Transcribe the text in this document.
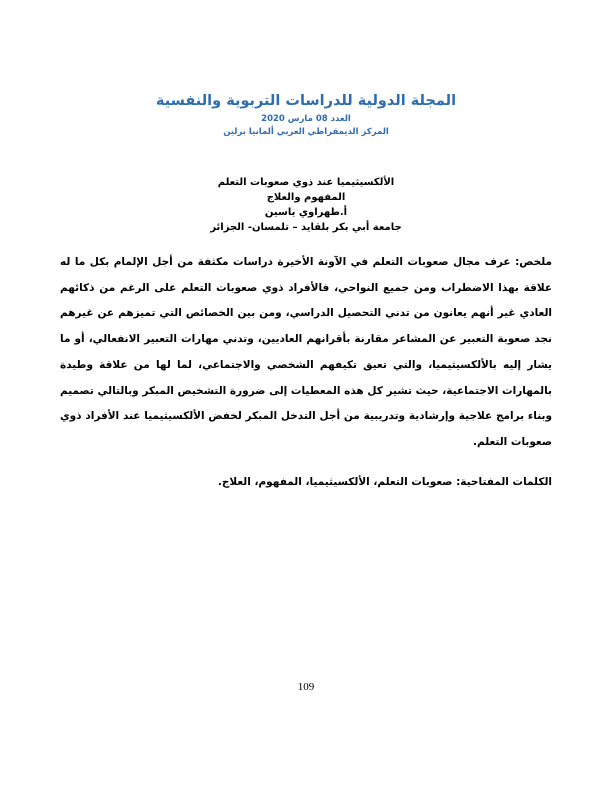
المجلة الدولية للدراسات التربوية والنفسية
العدد 08 مارس 2020
المركز الديمقراطي العربي ألمانيا برلين
الألكسيثيميا عند ذوي صعوبات التعلم
المفهوم والعلاج
أ.طهراوي ياسين
جامعة أبي بكر بلقايد – تلمسان- الجزائر
ملخص: عرف مجال صعوبات التعلم في الآونة الأخيرة دراسات مكثفة من أجل الإلمام بكل ما له علاقة بهذا الاضطراب ومن جميع النواحي، فالأفراد ذوي صعوبات التعلم على الرغم من ذكائهم العادي غير أنهم يعانون من تدني التحصيل الدراسي، ومن بين الخصائص التي تميزهم عن غيرهم نجد صعوبة التعبير عن المشاعر مقارنة بأقرانهم العاديين، وتدني مهارات التعبير الانفعالي، أو ما يشار إليه بالألكسيثيميا، والتي تعيق تكيفهم الشخصي والاجتماعي، لما لها من علاقة وطيدة بالمهارات الاجتماعية، حيث تشير كل هذه المعطيات إلى ضرورة التشخيص المبكر وبالتالي تصميم وبناء برامج علاجية وإرشادية وتدريبية من أجل التدخل المبكر لخفض الألكسيثيميا عند الأفراد ذوي صعوبات التعلم.
الكلمات المفتاحية: صعوبات التعلم، الألكسيثيميا، المفهوم، العلاج.
109
